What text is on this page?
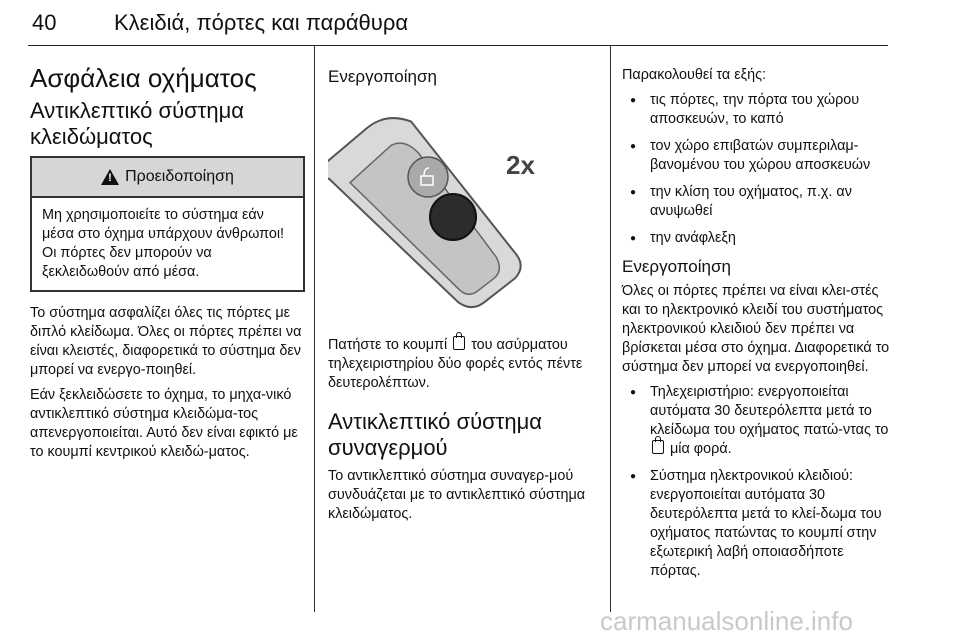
40	Κλειδιά, πόρτες και παράθυρα
Ασφάλεια οχήματος
Αντικλεπτικό σύστημα κλειδώματος
! Προειδοποίηση
Μη χρησιμοποιείτε το σύστημα εάν μέσα στο όχημα υπάρχουν άνθρωποι! Οι πόρτες δεν μπορούν να ξεκλειδωθούν από μέσα.

Το σύστημα ασφαλίζει όλες τις πόρτες με διπλό κλείδωμα. Όλες οι πόρτες πρέπει να είναι κλειστές, διαφορετικά το σύστημα δεν μπορεί να ενεργο-ποιηθεί.

Εάν ξεκλειδώσετε το όχημα, το μηχα-νικό αντικλεπτικό σύστημα κλειδώμα-τος απενεργοποιείται. Αυτό δεν είναι εφικτό με το κουμπί κεντρικού κλειδώ-ματος.

Ενεργοποίηση
2x

Πατήστε το κουμπί του ασύρματου τηλεχειριστηρίου δύο φορές εντός πέντε δευτερολέπτων.

Αντικλεπτικό σύστημα συναγερμού

Το αντικλεπτικό σύστημα συναγερ-μού συνδυάζεται με το αντικλεπτικό σύστημα κλειδώματος.

Παρακολουθεί τα εξής:

● τις πόρτες, την πόρτα του χώρου αποσκευών, το καπό
● τον χώρο επιβατών συμπεριλαμ-βανομένου του χώρου αποσκευών
● την κλίση του οχήματος, π.χ. αν ανυψωθεί
● την ανάφλεξη
Ενεργοποίηση

Όλες οι πόρτες πρέπει να είναι κλει-στές και το ηλεκτρονικό κλειδί του συστήματος ηλεκτρονικού κλειδιού δεν πρέπει να βρίσκεται μέσα στο όχημα. Διαφορετικά το σύστημα δεν μπορεί να ενεργοποιηθεί.

● Τηλεχειριστήριο: ενεργοποιείται αυτόματα 30 δευτερόλεπτα μετά το κλείδωμα του οχήματος πατώ-ντας το  μία φορά.
● Σύστημα ηλεκτρονικού κλειδιού: ενεργοποιείται αυτόματα 30 δευτερόλεπτα μετά το κλεί-δωμα του οχήματος πατώντας το κουμπί στην εξωτερική λαβή οποιασδήποτε πόρτας.
carmanualsonline.info
